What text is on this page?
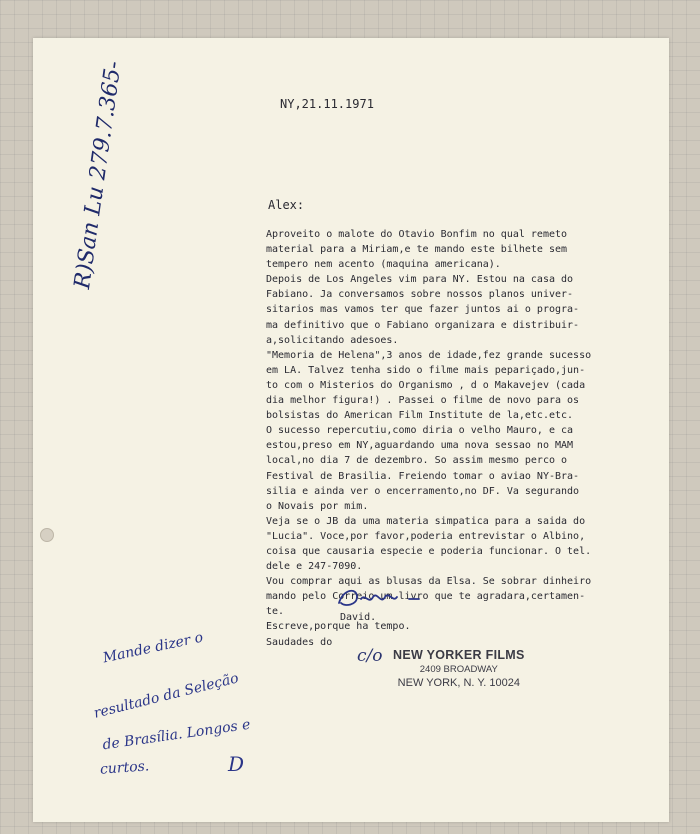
R)San Lu 279.7.365-	NY,21.11.1971
Alex:
Aproveito o malote do Otavio Bonfim no qual remeto
material para a Miriam,e te mando este bilhete sem
tempero nem acento (maquina americana).
Depois de Los Angeles vim para NY. Estou na casa do
Fabiano. Ja conversamos sobre nossos planos univer-
sitarios mas vamos ter que fazer juntos ai o progra-
ma definitivo que o Fabiano organizara e distribuir-
a,solicitando adesoes.
"Memoria de Helena",3 anos de idade,fez grande sucesso
em LA. Talvez tenha sido o filme mais pepariçado,jun-
to com o Misterios do Organismo , d o Makavejev (cada
dia melhor figura!) . Passei o filme de novo para os
bolsistas do American Film Institute de la,etc.etc.
O sucesso repercutiu,como diria o velho Mauro, e ca
estou,preso em NY,aguardando uma nova sessao no MAM
local,no dia 7 de dezembro. So assim mesmo perco o
Festival de Brasilia. Freiendo tomar o aviao NY-Bra-
silia e ainda ver o encerramento,no DF. Va segurando
o Novais por mim.
Veja se o JB da uma materia simpatica para a saida do
"Lucia". Voce,por favor,poderia entrevistar o Albino,
coisa que causaria especie e poderia funcionar. O tel.
dele e 247-7090.
Vou comprar aqui as blusas da Elsa. Se sobrar dinheiro
mando pelo Correio um livro que te agradara,certamen-
te.
Escreve,porque ha tempo.
Saudades do
David.
c/o NEW YORKER FILMS
2409 BROADWAY
NEW YORK, N. Y. 10024
Mande dizer o
resultado da Seleção
de Brasília. Longos e
curtos.	D
